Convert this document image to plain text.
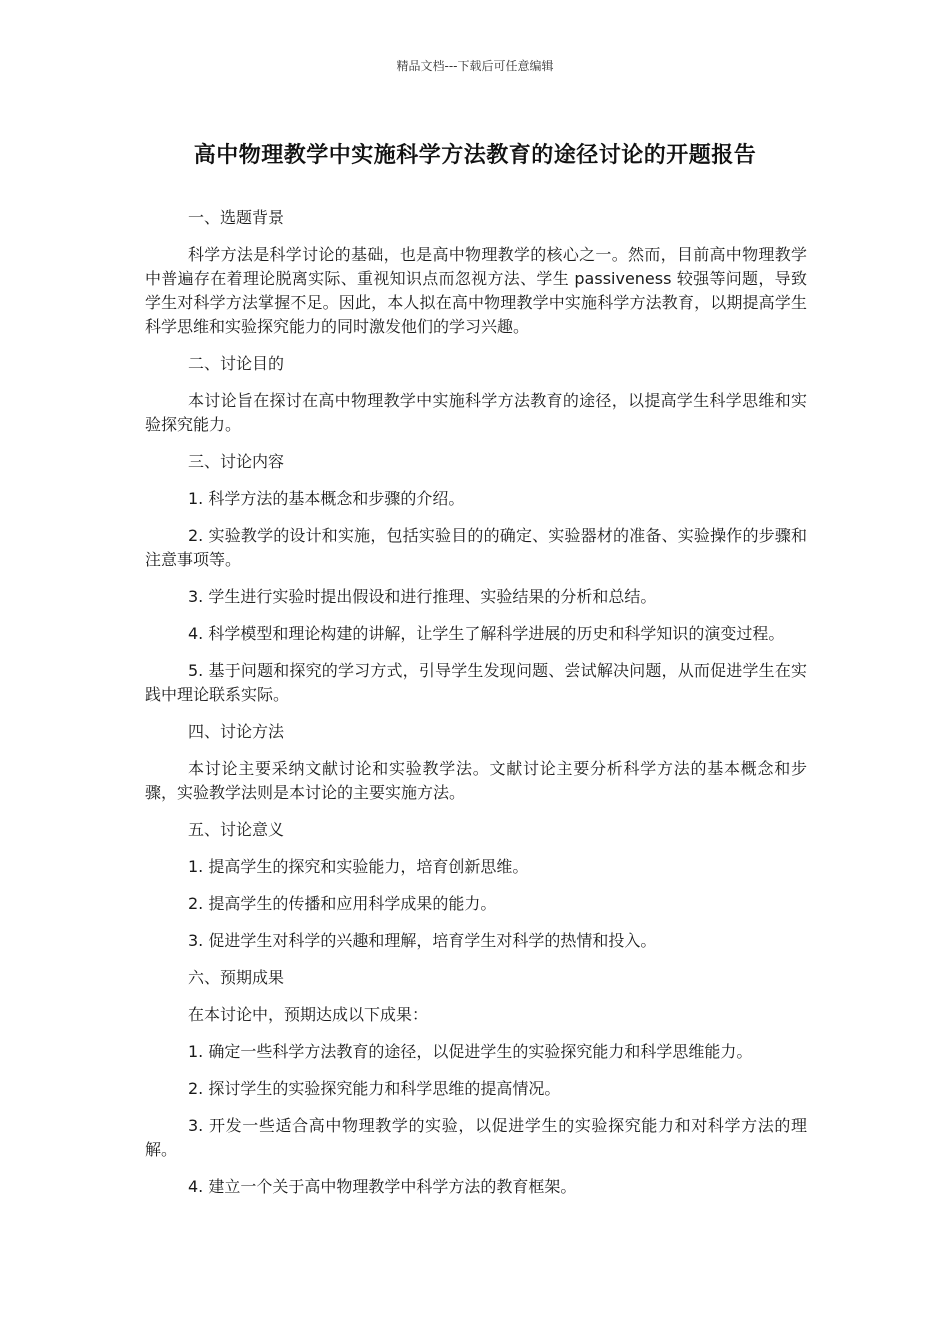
精品文档---下载后可任意编辑
高中物理教学中实施科学方法教育的途径讨论的开题报告

一、选题背景

科学方法是科学讨论的基础，也是高中物理教学的核心之一。然而，目前高中物理教学中普遍存在着理论脱离实际、重视知识点而忽视方法、学生 passiveness 较强等问题，导致学生对科学方法掌握不足。因此，本人拟在高中物理教学中实施科学方法教育，以期提高学生科学思维和实验探究能力的同时激发他们的学习兴趣。

二、讨论目的

本讨论旨在探讨在高中物理教学中实施科学方法教育的途径，以提高学生科学思维和实验探究能力。

三、讨论内容

1. 科学方法的基本概念和步骤的介绍。

2. 实验教学的设计和实施，包括实验目的的确定、实验器材的准备、实验操作的步骤和注意事项等。

3. 学生进行实验时提出假设和进行推理、实验结果的分析和总结。

4. 科学模型和理论构建的讲解，让学生了解科学进展的历史和科学知识的演变过程。

5. 基于问题和探究的学习方式，引导学生发现问题、尝试解决问题，从而促进学生在实践中理论联系实际。

四、讨论方法

本讨论主要采纳文献讨论和实验教学法。文献讨论主要分析科学方法的基本概念和步骤，实验教学法则是本讨论的主要实施方法。

五、讨论意义

1. 提高学生的探究和实验能力，培育创新思维。

2. 提高学生的传播和应用科学成果的能力。

3. 促进学生对科学的兴趣和理解，培育学生对科学的热情和投入。

六、预期成果

在本讨论中，预期达成以下成果：

1. 确定一些科学方法教育的途径，以促进学生的实验探究能力和科学思维能力。

2. 探讨学生的实验探究能力和科学思维的提高情况。

3. 开发一些适合高中物理教学的实验，以促进学生的实验探究能力和对科学方法的理解。

4. 建立一个关于高中物理教学中科学方法的教育框架。
